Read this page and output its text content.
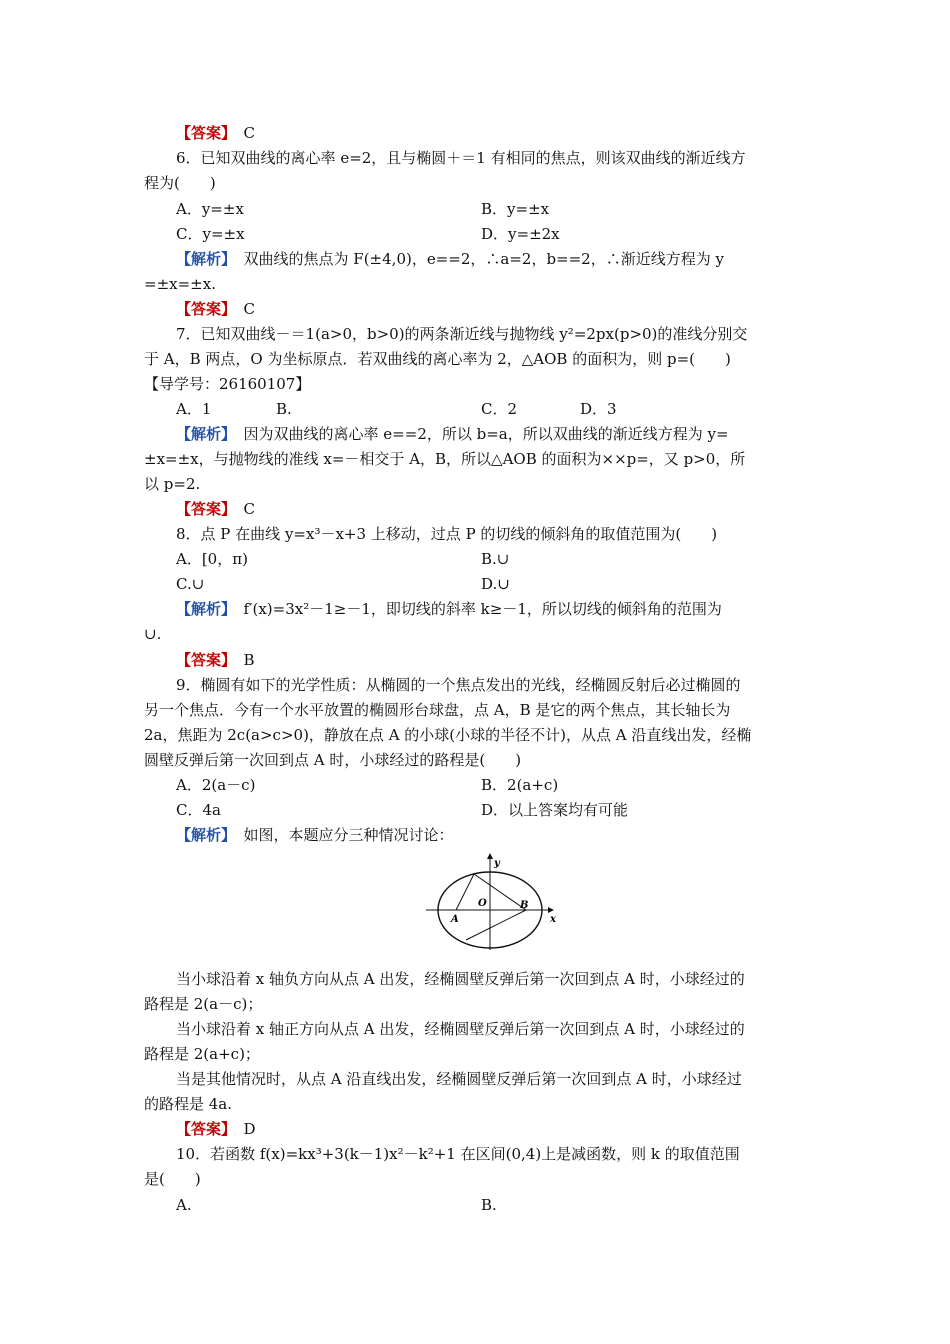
【答案】　 C
6．已知双曲线的离心率 e=2，且与椭圆＋＝1 有相同的焦点，则该双曲线的渐近线方
程为(　　)
A．y=±x	B．y=±x
C．y=±x	D．y=±2x
【解析】　 双曲线的焦点为 F(±4,0)，e==2，∴a=2，b==2，∴渐近线方程为 y
=±x=±x.
【答案】　 C
7．已知双曲线－＝1(a>0，b>0)的两条渐近线与抛物线 y²=2px(p>0)的准线分别交
于 A，B 两点，O 为坐标原点．若双曲线的离心率为 2，△AOB 的面积为，则 p=(　　)
【导学号：26160107】
A．1	B.	C．2	D．3
【解析】　 因为双曲线的离心率 e==2，所以 b=a，所以双曲线的渐近线方程为 y=
±x=±x，与抛物线的准线 x=－相交于 A，B，所以△AOB 的面积为××p=，又 p>0，所
以 p=2.
【答案】　 C
8．点 P 在曲线 y=x³－x+3 上移动，过点 P 的切线的倾斜角的取值范围为(　　)
A．[0，π)	B.∪
C.∪	D.∪
【解析】　 f′(x)=3x²－1≥－1，即切线的斜率 k≥－1，所以切线的倾斜角的范围为
∪.
【答案】　 B
9．椭圆有如下的光学性质：从椭圆的一个焦点发出的光线，经椭圆反射后必过椭圆的
另一个焦点．今有一个水平放置的椭圆形台球盘，点 A，B 是它的两个焦点，其长轴长为
2a，焦距为 2c(a>c>0)，静放在点 A 的小球(小球的半径不计)，从点 A 沿直线出发，经椭
圆壁反弹后第一次回到点 A 时，小球经过的路程是(　　)
A．2(a－c)	B．2(a+c)
C．4a	D．以上答案均有可能
【解析】　 如图，本题应分三种情况讨论：
y
x
O
A
B
当小球沿着 x 轴负方向从点 A 出发，经椭圆壁反弹后第一次回到点 A 时，小球经过的
路程是 2(a－c)；
当小球沿着 x 轴正方向从点 A 出发，经椭圆壁反弹后第一次回到点 A 时，小球经过的
路程是 2(a+c)；
当是其他情况时，从点 A 沿直线出发，经椭圆壁反弹后第一次回到点 A 时，小球经过
的路程是 4a.
【答案】　 D
10．若函数 f(x)=kx³+3(k－1)x²－k²+1 在区间(0,4)上是减函数，则 k 的取值范围
是(　　)
A.	B.
